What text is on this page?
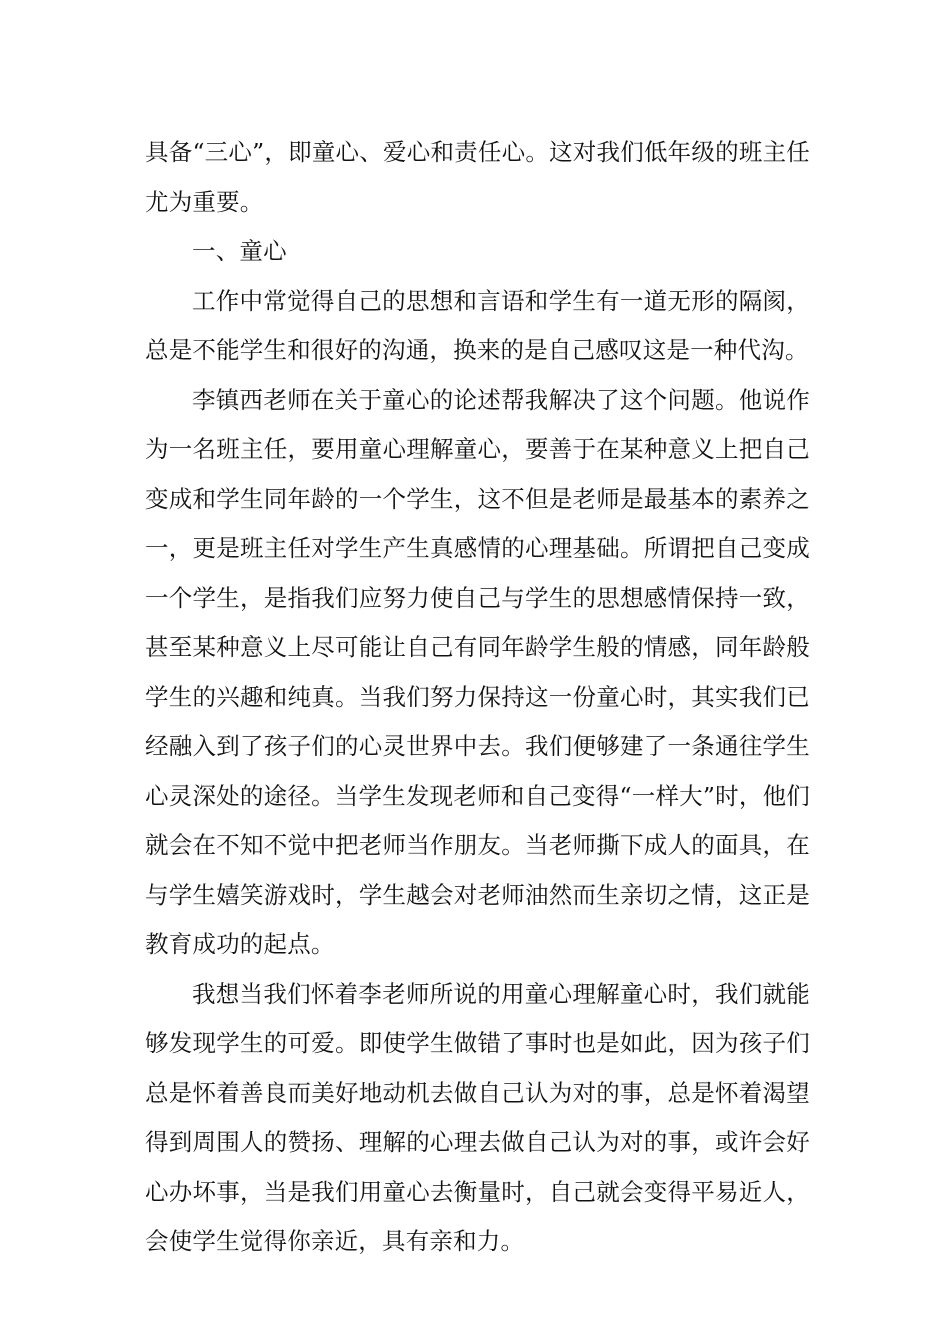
具备“三心”，即童心、爱心和责任心。这对我们低年级的班主任尤为重要。

一、童心

工作中常觉得自己的思想和言语和学生有一道无形的隔阂，总是不能学生和很好的沟通，换来的是自己感叹这是一种代沟。

李镇西老师在关于童心的论述帮我解决了这个问题。他说作为一名班主任，要用童心理解童心，要善于在某种意义上把自己变成和学生同年龄的一个学生，这不但是老师是最基本的素养之一，更是班主任对学生产生真感情的心理基础。所谓把自己变成一个学生，是指我们应努力使自己与学生的思想感情保持一致，甚至某种意义上尽可能让自己有同年龄学生般的情感，同年龄般学生的兴趣和纯真。当我们努力保持这一份童心时，其实我们已经融入到了孩子们的心灵世界中去。我们便够建了一条通往学生心灵深处的途径。当学生发现老师和自己变得“一样大”时，他们就会在不知不觉中把老师当作朋友。当老师撕下成人的面具，在与学生嬉笑游戏时，学生越会对老师油然而生亲切之情，这正是教育成功的起点。

我想当我们怀着李老师所说的用童心理解童心时，我们就能够发现学生的可爱。即使学生做错了事时也是如此，因为孩子们总是怀着善良而美好地动机去做自己认为对的事，总是怀着渴望得到周围人的赞扬、理解的心理去做自己认为对的事，或许会好心办坏事，当是我们用童心去衡量时，自己就会变得平易近人，会使学生觉得你亲近，具有亲和力。
